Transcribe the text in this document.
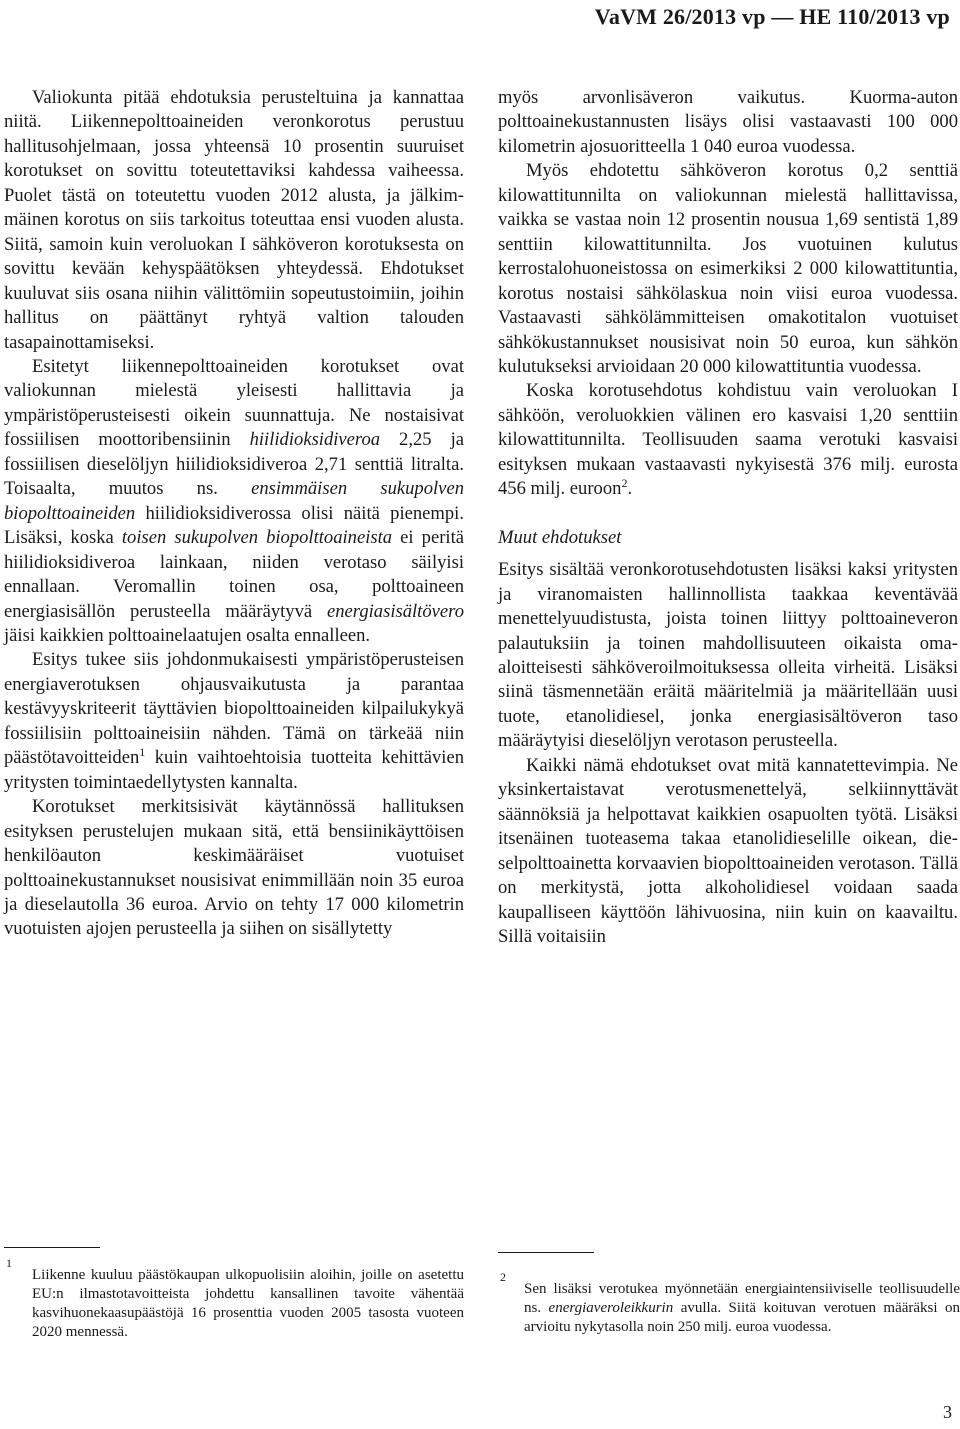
VaVM 26/2013 vp — HE 110/2013 vp

Valiokunta pitää ehdotuksia perusteltuina ja kannattaa niitä. Liikennepolttoaineiden veronkorotus perustuu hallitusohjelmaan, jossa yhteensä 10 prosentin suuruiset korotukset on sovittu toteutettaviksi kahdessa vaiheessa. Puolet tästä on toteutettu vuoden 2012 alusta, ja jälkimmäinen korotus on siis tarkoitus toteuttaa ensi vuoden alusta. Siitä, samoin kuin veroluokan I sähköveron korotuksesta on sovittu kevään kehyspäätöksen yhteydessä. Ehdotukset kuuluvat siis osana niihin välittömiin sopeutustoimiin, joihin hallitus on päättänyt ryhtyä valtion talouden tasapainottamiseksi.

Esitetyt liikennepolttoaineiden korotukset ovat valiokunnan mielestä yleisesti hallittavia ja ympäristöperusteisesti oikein suunnattuja. Ne nostaisivat fossiilisen moottoribensiinin hiilidioksidiveroa 2,25 ja fossiilisen dieselöljyn hiilidioksidiveroa 2,71 senttiä litralta. Toisaalta, muutos ns. ensimmäisen sukupolven biopolttoaineiden hiilidioksidiverossa olisi näitä pienempi. Lisäksi, koska toisen sukupolven biopolttoaineista ei peritä hiilidioksidiveroa lainkaan, niiden verotaso säilyisi ennallaan. Veromallin toinen osa, polttoaineen energiasisällön perusteella määräytyvä energiasisältövero jäisi kaikkien polttoainelaatujen osalta ennalleen.

Esitys tukee siis johdonmukaisesti ympäristöperusteisen energiaverotuksen ohjausvaikutusta ja parantaa kestävyyskriteerit täyttävien biopolttoaineiden kilpailukykyä fossiilisiin polttoaineisiin nähden. Tämä on tärkeää niin päästötavoitteiden$^1$ kuin vaihtoehtoisia tuotteita kehittävien yritysten toimintaedellytysten kannalta.

Korotukset merkitsisivät käytännössä hallituksen esityksen perustelujen mukaan sitä, että bensiinikäyttöisen henkilöauton keskimääräiset vuotuiset polttoainekustannukset nousisivat enimmillään noin 35 euroa ja dieselautolla 36 euroa. Arvio on tehty 17 000 kilometrin vuotuisten ajojen perusteella ja siihen on sisällytetty

myös arvonlisäveron vaikutus. Kuorma-auton polttoainekustannusten lisäys olisi vastaavasti 100 000 kilometrin ajosuoritteella 1 040 euroa vuodessa.

Myös ehdotettu sähköveron korotus 0,2 senttiä kilowattitunnilta on valiokunnan mielestä hallittavissa, vaikka se vastaa noin 12 prosentin nousua 1,69 sentistä 1,89 senttiin kilowattitunnilta. Jos vuotuinen kulutus kerrostalohuoneistossa on esimerkiksi 2 000 kilowattituntia, korotus nostaisi sähkölaskua noin viisi euroa vuodessa. Vastaavasti sähkölämmitteisen omakotitalon vuotuiset sähkökustannukset nousisivat noin 50 euroa, kun sähkön kulutukseksi arvioidaan 20 000 kilowattituntia vuodessa.

Koska korotusehdotus kohdistuu vain veroluokan I sähköön, veroluokkien välinen ero kasvaisi 1,20 senttiin kilowattitunnilta. Teollisuuden saama verotuki kasvaisi esityksen mukaan vastaavasti nykyisestä 376 milj. eurosta 456 milj. euroon$^2$.

Muut ehdotukset

Esitys sisältää veronkorotusehdotusten lisäksi kaksi yritysten ja viranomaisten hallinnollista taakkaa keventävää menettelyuudistusta, joista toinen liittyy polttoaineveron palautuksiin ja toinen mahdollisuuteen oikaista oma-aloitteisesti sähköveroilmoituksessa olleita virheitä. Lisäksi siinä täsmennetään eräitä määritelmiä ja määritellään uusi tuote, etanolidiesel, jonka energiasisältöveron taso määräytyisi dieselöljyn verotason perusteella.

Kaikki nämä ehdotukset ovat mitä kannatettevimpia. Ne yksinkertaistavat verotusmenettelyä, selkiinnyttävät säännöksiä ja helpottavat kaikkien osapuolten työtä. Lisäksi itsenäinen tuoteasema takaa etanolidieselille oikean, dieselpolttoainetta korvaavien biopolttoaineiden verotason. Tällä on merkitystä, jotta alkoholidiesel voidaan saada kaupalliseen käyttöön lähivuosina, niin kuin on kaavailtu. Sillä voitaisiin

1
Liikenne kuuluu päästökaupan ulkopuolisiin aloihin, joille on asetettu EU:n ilmastotavoitteista johdettu kansallinen tavoite vähentää kasvihuonekaasupäästöjä 16 prosenttia vuoden 2005 tasosta vuoteen 2020 mennessä.
2
Sen lisäksi verotukea myönnetään energiaintensiiviselle teollisuudelle ns. energiaveroleikkurin avulla. Siitä koituvan verotuen määräksi on arvioitu nykytasolla noin 250 milj. euroa vuodessa.
3
